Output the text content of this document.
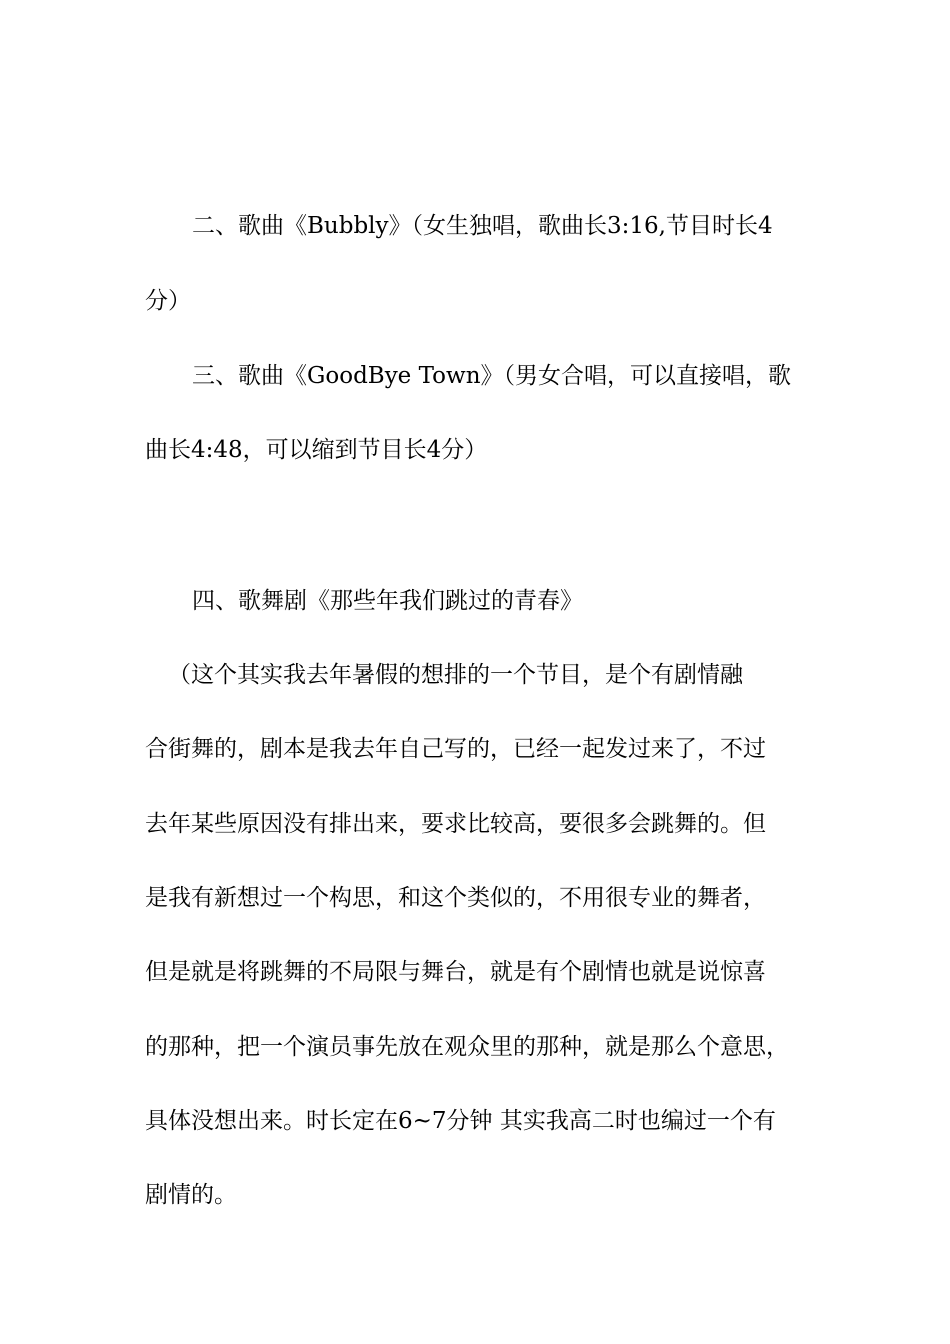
二、歌曲《Bubbly》（女生独唱，歌曲长3:16,节目时长4
分）
三、歌曲《GoodBye Town》（男女合唱，可以直接唱，歌
曲长4:48，可以缩到节目长4分）
四、歌舞剧《那些年我们跳过的青春》
（这个其实我去年暑假的想排的一个节目，是个有剧情融
合街舞的，剧本是我去年自己写的，已经一起发过来了，不过
去年某些原因没有排出来，要求比较高，要很多会跳舞的。但
是我有新想过一个构思，和这个类似的，不用很专业的舞者，
但是就是将跳舞的不局限与舞台，就是有个剧情也就是说惊喜
的那种，把一个演员事先放在观众里的那种，就是那么个意思，
具体没想出来。时长定在6~7分钟 其实我高二时也编过一个有
剧情的。
